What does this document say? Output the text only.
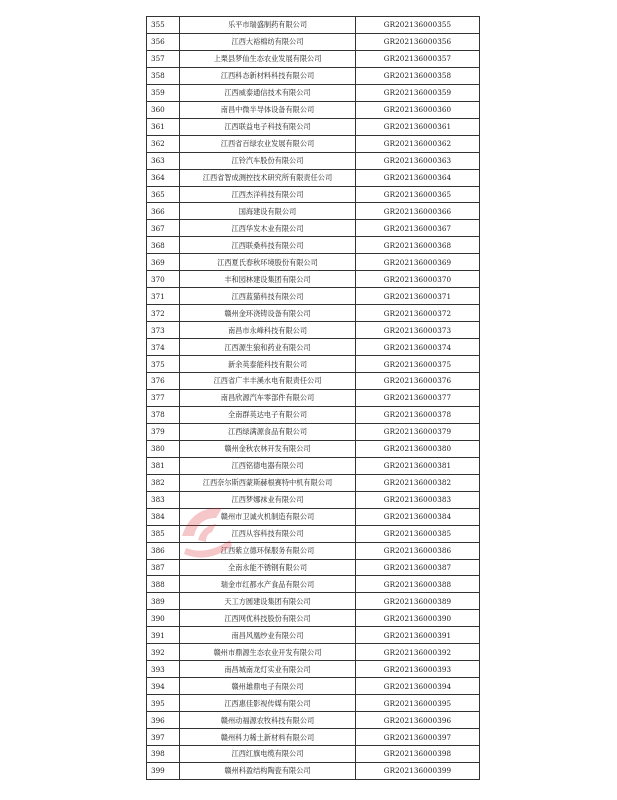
355	乐平市瑞盛制药有限公司	GR202136000355
356	江西大裕棉纺有限公司	GR202136000356
357	上栗县梦仙生态农业发展有限公司	GR202136000357
358	江西科态新材料科技有限公司	GR202136000358
359	江西威泰通信技术有限公司	GR202136000359
360	南昌中微半导体设备有限公司	GR202136000360
361	江西联益电子科技有限公司	GR202136000361
362	江西省百绿农业发展有限公司	GR202136000362
363	江铃汽车股份有限公司	GR202136000363
364	江西省智成测控技术研究所有限责任公司	GR202136000364
365	江西杰洋科技有限公司	GR202136000365
366	国海建设有限公司	GR202136000366
367	江西华发木业有限公司	GR202136000367
368	江西联桑科技有限公司	GR202136000368
369	江西夏氏春秋环境股份有限公司	GR202136000369
370	丰和园林建设集团有限公司	GR202136000370
371	江西蓝猫科技有限公司	GR202136000371
372	赣州金环浇铸设备有限公司	GR202136000372
373	南昌市永峰科技有限公司	GR202136000373
374	江西源生狼和药业有限公司	GR202136000374
375	新余英泰能科技有限公司	GR202136000375
376	江西省广丰丰溪水电有限责任公司	GR202136000376
377	南昌欣源汽车零部件有限公司	GR202136000377
378	全南群英达电子有限公司	GR202136000378
379	江西绿满源食品有限公司	GR202136000379
380	赣州金秋农林开发有限公司	GR202136000380
381	江西铭德电器有限公司	GR202136000381
382	江西奈尔斯西蒙斯赫根赛特中机有限公司	GR202136000382
383	江西梦娜袜业有限公司	GR202136000383
384	赣州市卫诚火机制造有限公司	GR202136000384
385	江西从容科技有限公司	GR202136000385
386	江西紫立德环保服务有限公司	GR202136000386
387	全南永能不锈钢有限公司	GR202136000387
388	瑞金市红都水产食品有限公司	GR202136000388
389	天工方圆建设集团有限公司	GR202136000389
390	江西网优科技股份有限公司	GR202136000390
391	南昌风凰纱业有限公司	GR202136000391
392	赣州市鼎源生态农业开发有限公司	GR202136000392
393	南昌城南龙灯实业有限公司	GR202136000393
394	赣州雄鼎电子有限公司	GR202136000394
395	江西惠佳影视传媒有限公司	GR202136000395
396	赣州动福源农牧科技有限公司	GR202136000396
397	赣州科力稀土新材料有限公司	GR202136000397
398	江西红旗电缆有限公司	GR202136000398
399	赣州科盈结构陶瓷有限公司	GR202136000399
